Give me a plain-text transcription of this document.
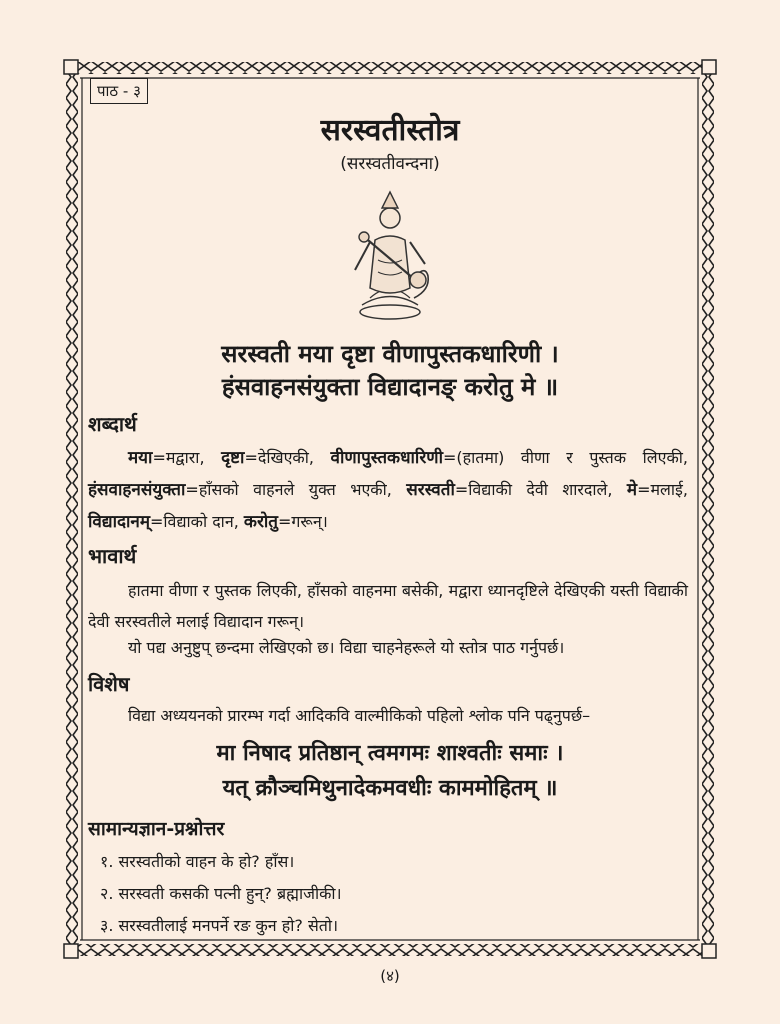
पाठ - ३
सरस्वतीस्तोत्र
(सरस्वतीवन्दना)
सरस्वती मया दृष्टा वीणापुस्तकधारिणी ।
हंसवाहनसंयुक्ता विद्यादानङ् करोतु मे ॥
शब्दार्थ
मया=मद्वारा, दृष्टा=देखिएकी, वीणापुस्तकधारिणी=(हातमा) वीणा र पुस्तक लिएकी, हंसवाहनसंयुक्ता=हाँसको वाहनले युक्त भएकी, सरस्वती=विद्याकी देवी शारदाले, मे=मलाई, विद्यादानम्=विद्याको दान, करोतु=गरून्।
भावार्थ
हातमा वीणा र पुस्तक लिएकी, हाँसको वाहनमा बसेकी, मद्वारा ध्यानदृष्टिले देखिएकी यस्ती विद्याकी देवी सरस्वतीले मलाई विद्यादान गरून्।
यो पद्य अनुष्टुप् छन्दमा लेखिएको छ। विद्या चाहनेहरूले यो स्तोत्र पाठ गर्नुपर्छ।
विशेष
विद्या अध्ययनको प्रारम्भ गर्दा आदिकवि वाल्मीकिको पहिलो श्लोक पनि पढ्नुपर्छ–
मा निषाद प्रतिष्ठान् त्वमगमः शाश्वतीः समाः ।
यत् क्रौञ्चमिथुनादेकमवधीः काममोहितम् ॥
सामान्यज्ञान-प्रश्नोत्तर
१. सरस्वतीको वाहन के हो? हाँस।
२. सरस्वती कसकी पत्नी हुन्? ब्रह्माजीकी।
३. सरस्वतीलाई मनपर्ने रङ कुन हो? सेतो।
(४)
